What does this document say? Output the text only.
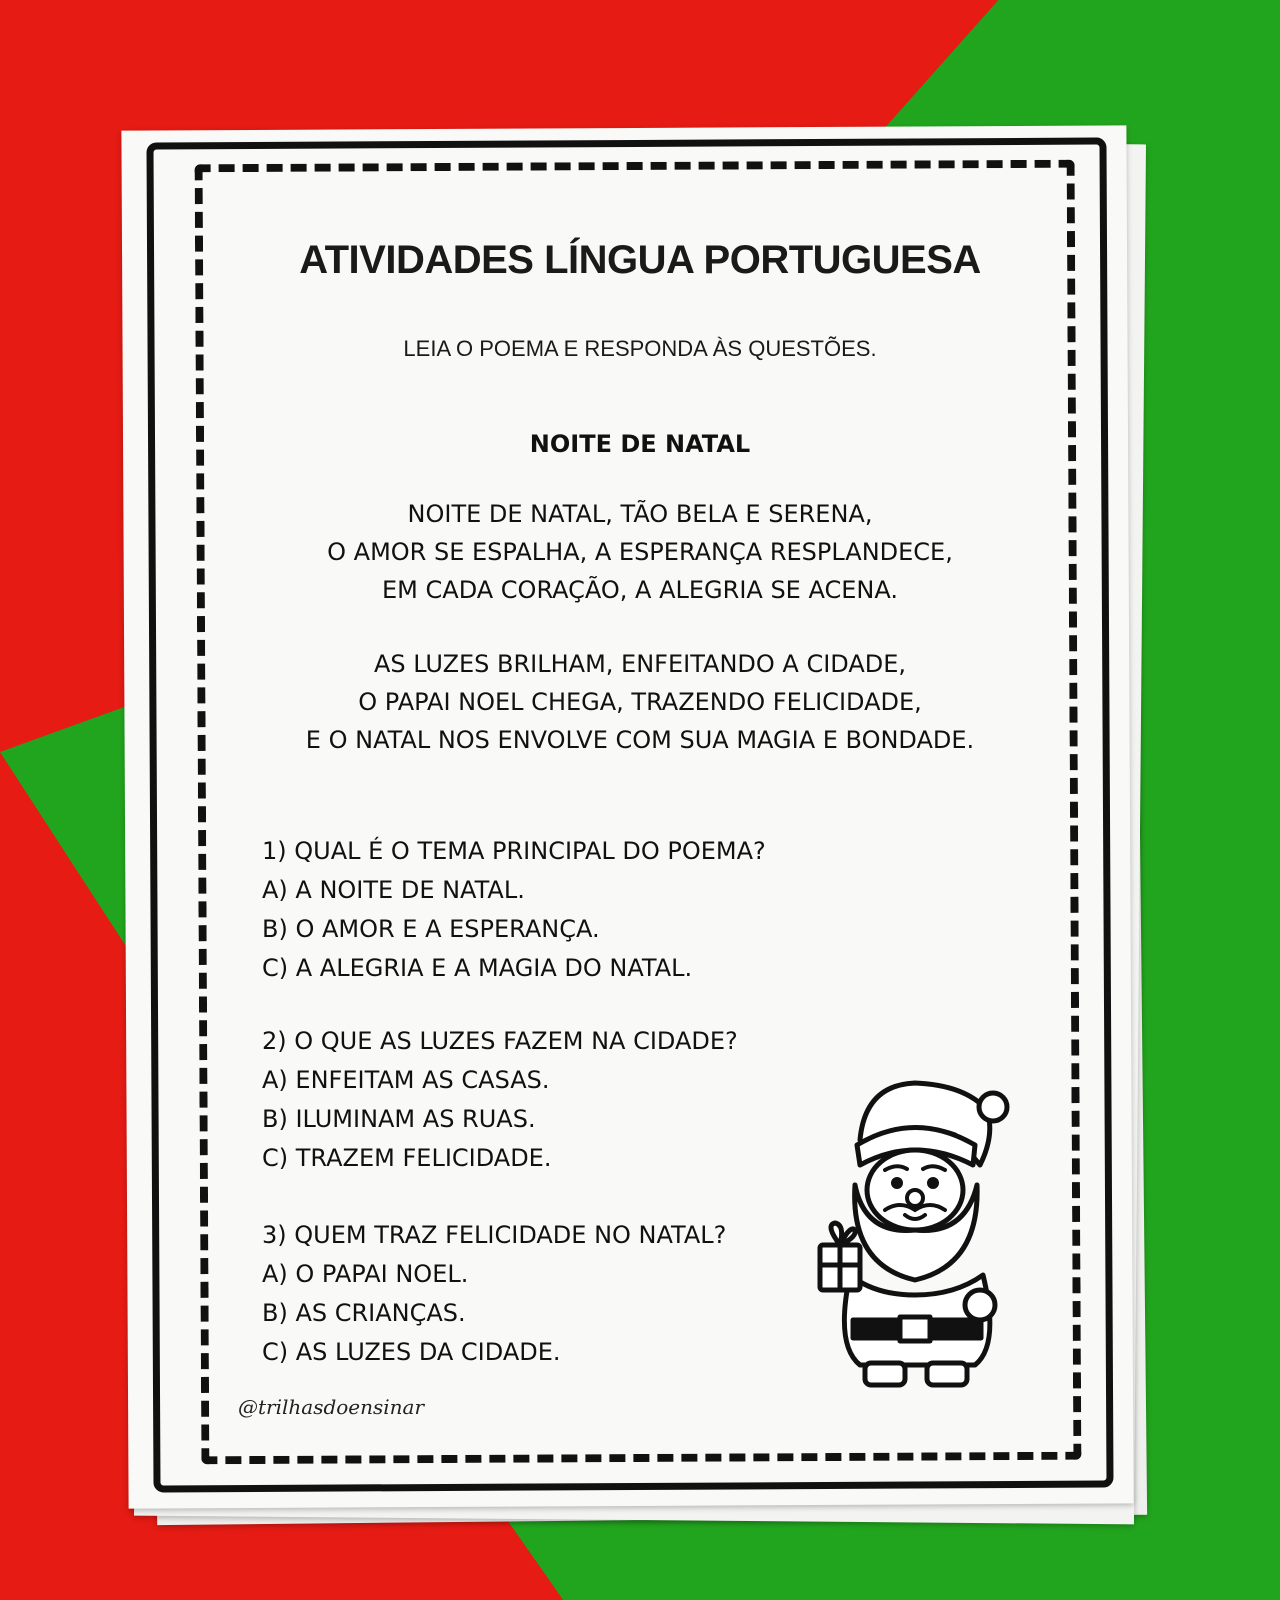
ATIVIDADES LÍNGUA PORTUGUESA
LEIA O POEMA E RESPONDA ÀS QUESTÕES.
NOITE DE NATAL
NOITE DE NATAL, TÃO BELA E SERENA,
O AMOR SE ESPALHA, A ESPERANÇA RESPLANDECE,
EM CADA CORAÇÃO, A ALEGRIA SE ACENA.
AS LUZES BRILHAM, ENFEITANDO A CIDADE,
O PAPAI NOEL CHEGA, TRAZENDO FELICIDADE,
E O NATAL NOS ENVOLVE COM SUA MAGIA E BONDADE.
1) QUAL É O TEMA PRINCIPAL DO POEMA?
A) A NOITE DE NATAL.
B) O AMOR E A ESPERANÇA.
C) A ALEGRIA E A MAGIA DO NATAL.
2) O QUE AS LUZES FAZEM NA CIDADE?
A) ENFEITAM AS CASAS.
B) ILUMINAM AS RUAS.
C) TRAZEM FELICIDADE.
3) QUEM TRAZ FELICIDADE NO NATAL?
A) O PAPAI NOEL.
B) AS CRIANÇAS.
C) AS LUZES DA CIDADE.
@trilhasdoensinar
